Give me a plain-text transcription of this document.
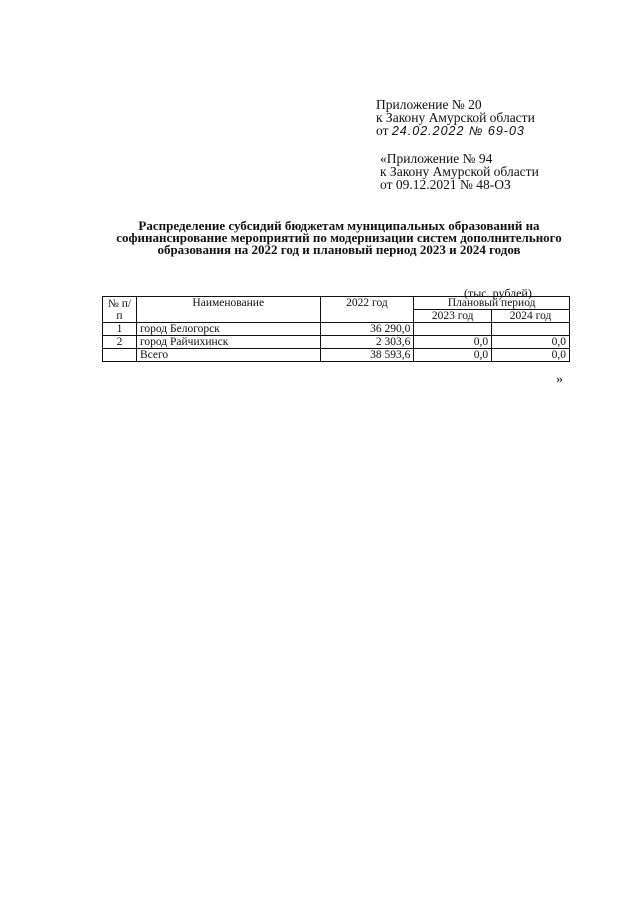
Приложение № 20
к Закону Амурской области
от 24.02.2022 № 69-03
«Приложение № 94
к Закону Амурской области
от 09.12.2021 № 48-ОЗ
Распределение субсидий бюджетам муниципальных образований на софинансирование мероприятий по модернизации систем дополнительного образования на 2022 год и плановый период 2023 и 2024 годов
(тыс. рублей)
№ п/п	Наименование	2022 год	Плановый период	
			2023 год	2024 год
1	город Белогорск	36 290,0		
2	город Райчихинск	2 303,6	0,0	0,0
	Всего	38 593,6	0,0	0,0
»
